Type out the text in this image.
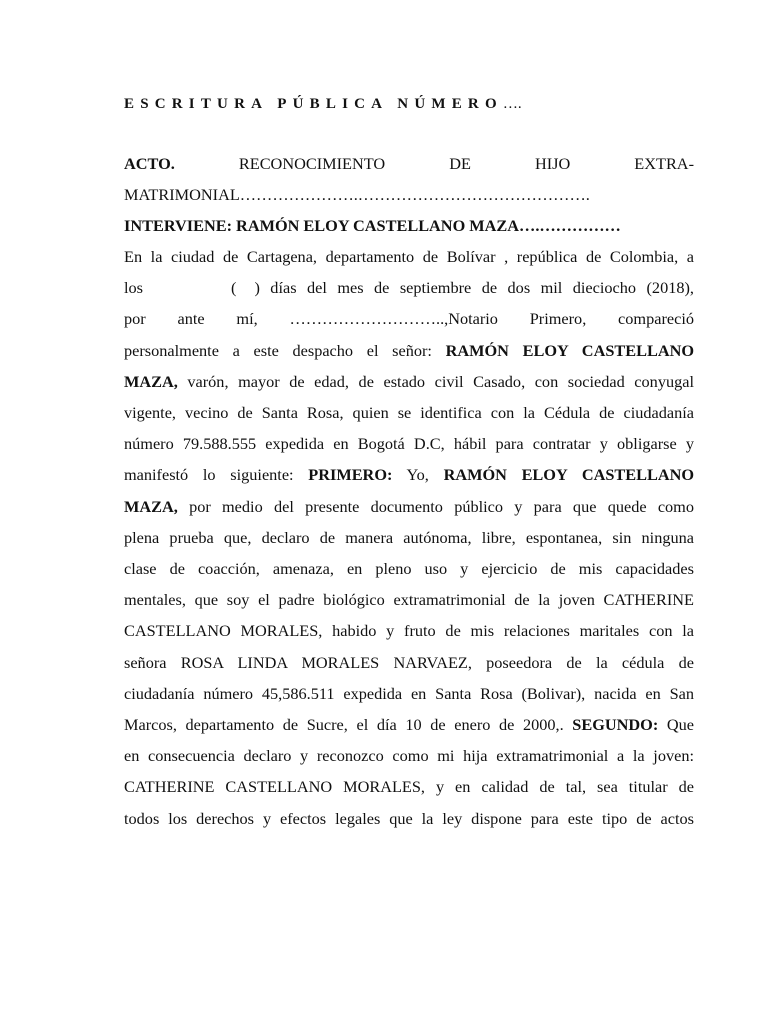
ESCRITURA PÚBLICA NÚMERO….
ACTO. RECONOCIMIENTO DE HIJO EXTRA-
MATRIMONIAL………………….…………………………………….
INTERVIENE: RAMÓN ELOY CASTELLANO MAZA….……………
En la ciudad de Cartagena, departamento de Bolívar , república de Colombia, a
los	( ) días del mes de septiembre de dos mil dieciocho (2018),
por ante mí, ………………………..,Notario Primero, compareció
personalmente a este despacho el señor: RAMÓN ELOY CASTELLANO
MAZA, varón, mayor de edad, de estado civil Casado, con sociedad conyugal
vigente, vecino de Santa Rosa, quien se identifica con la Cédula de ciudadanía
número 79.588.555 expedida en Bogotá D.C, hábil para contratar y obligarse y
manifestó lo siguiente: PRIMERO: Yo, RAMÓN ELOY CASTELLANO
MAZA, por medio del presente documento público y para que quede como
plena prueba que, declaro de manera autónoma, libre, espontanea, sin ninguna
clase de coacción, amenaza, en pleno uso y ejercicio de mis capacidades
mentales, que soy el padre biológico extramatrimonial de la joven CATHERINE
CASTELLANO MORALES, habido y fruto de mis relaciones maritales con la
señora ROSA LINDA MORALES NARVAEZ, poseedora de la cédula de
ciudadanía número 45,586.511 expedida en Santa Rosa (Bolivar), nacida en San
Marcos, departamento de Sucre, el día 10 de enero de 2000,. SEGUNDO: Que
en consecuencia declaro y reconozco como mi hija extramatrimonial a la joven:
CATHERINE CASTELLANO MORALES, y en calidad de tal, sea titular de
todos los derechos y efectos legales que la ley dispone para este tipo de actos
